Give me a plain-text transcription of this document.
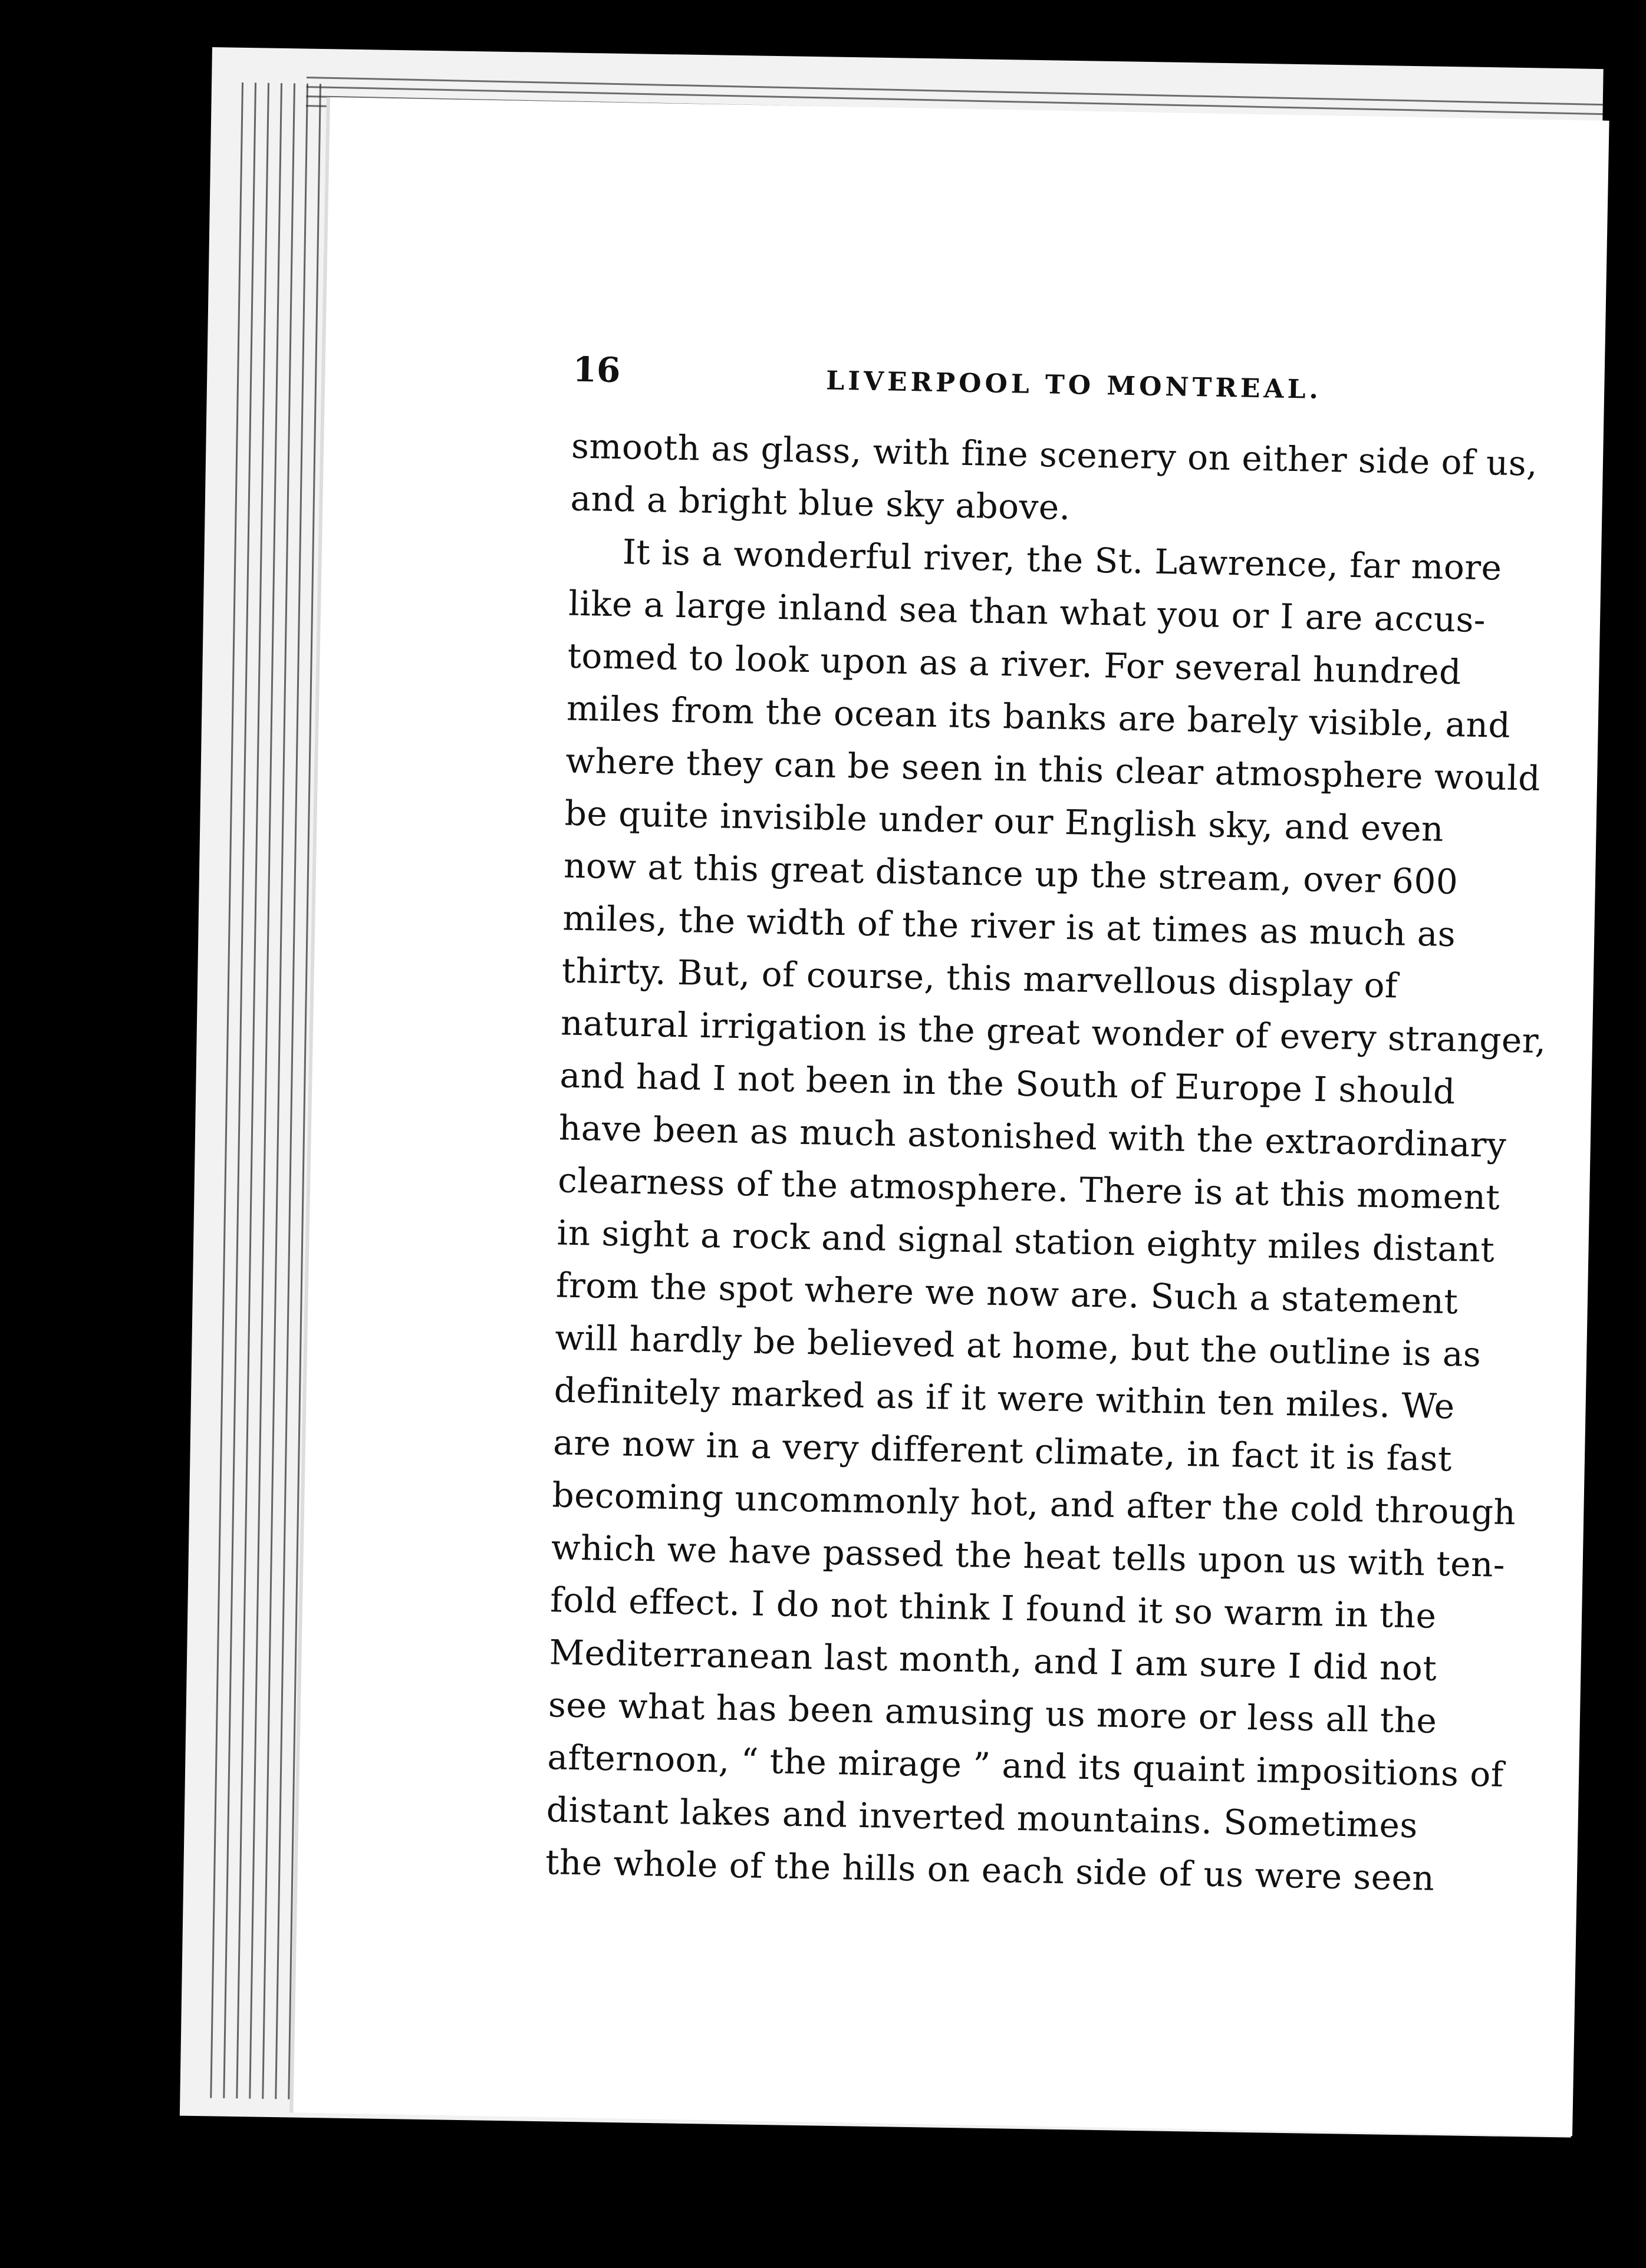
16	LIVERPOOL TO MONTREAL.
smooth as glass, with fine scenery on either side of us,
and a bright blue sky above.
It is a wonderful river, the St. Lawrence, far more
like a large inland sea than what you or I are accus-
tomed to look upon as a river. For several hundred
miles from the ocean its banks are barely visible, and
where they can be seen in this clear atmosphere would
be quite invisible under our English sky, and even
now at this great distance up the stream, over 600
miles, the width of the river is at times as much as
thirty. But, of course, this marvellous display of
natural irrigation is the great wonder of every stranger,
and had I not been in the South of Europe I should
have been as much astonished with the extraordinary
clearness of the atmosphere. There is at this moment
in sight a rock and signal station eighty miles distant
from the spot where we now are. Such a statement
will hardly be believed at home, but the outline is as
definitely marked as if it were within ten miles. We
are now in a very different climate, in fact it is fast
becoming uncommonly hot, and after the cold through
which we have passed the heat tells upon us with ten-
fold effect. I do not think I found it so warm in the
Mediterranean last month, and I am sure I did not
see what has been amusing us more or less all the
afternoon, “ the mirage ” and its quaint impositions of
distant lakes and inverted mountains. Sometimes
the whole of the hills on each side of us were seen
